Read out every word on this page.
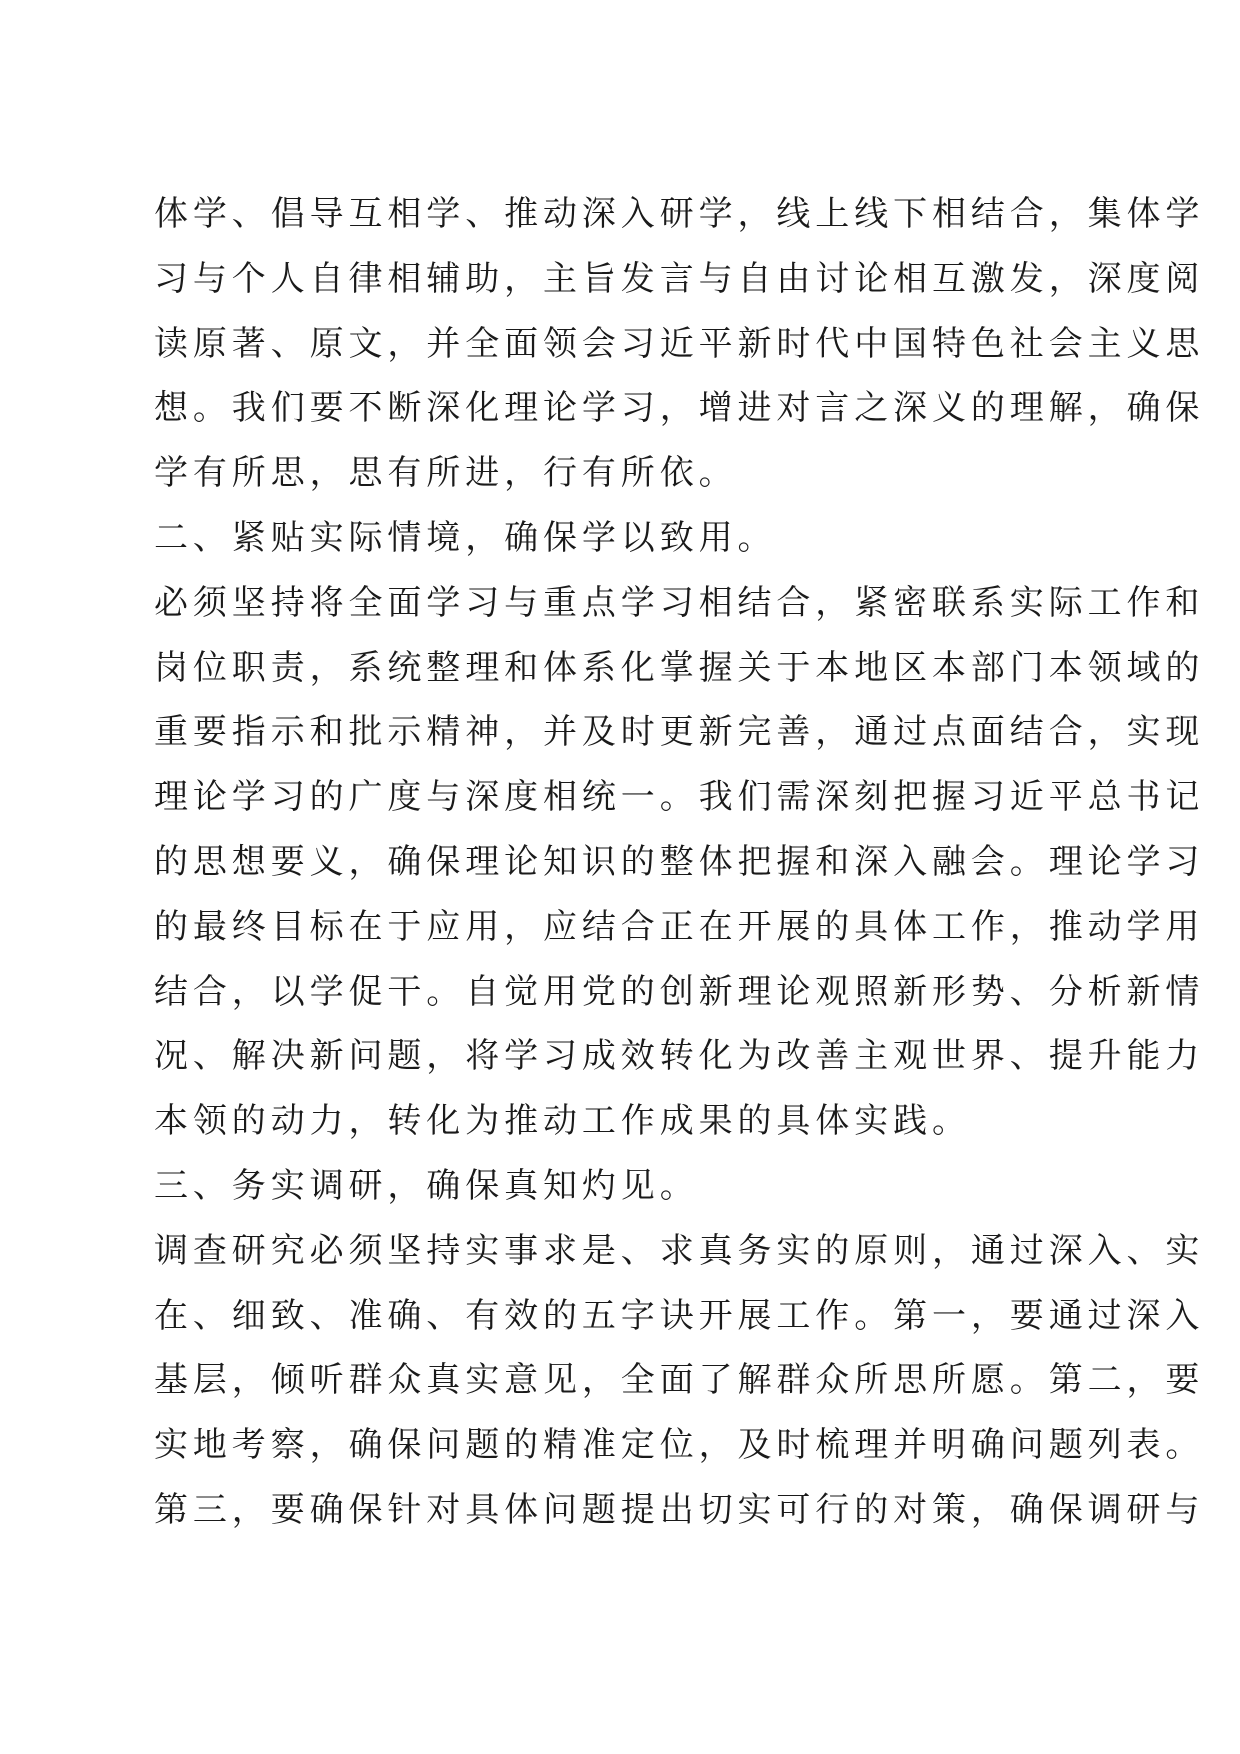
体学、倡导互相学、推动深入研学，线上线下相结合，集体学
习与个人自律相辅助，主旨发言与自由讨论相互激发，深度阅
读原著、原文，并全面领会习近平新时代中国特色社会主义思
想。我们要不断深化理论学习，增进对言之深义的理解，确保
学有所思，思有所进，行有所依。
二、紧贴实际情境，确保学以致用。
必须坚持将全面学习与重点学习相结合，紧密联系实际工作和
岗位职责，系统整理和体系化掌握关于本地区本部门本领域的
重要指示和批示精神，并及时更新完善，通过点面结合，实现
理论学习的广度与深度相统一。我们需深刻把握习近平总书记
的思想要义，确保理论知识的整体把握和深入融会。理论学习
的最终目标在于应用，应结合正在开展的具体工作，推动学用
结合，以学促干。自觉用党的创新理论观照新形势、分析新情
况、解决新问题，将学习成效转化为改善主观世界、提升能力
本领的动力，转化为推动工作成果的具体实践。
三、务实调研，确保真知灼见。
调查研究必须坚持实事求是、求真务实的原则，通过深入、实
在、细致、准确、有效的五字诀开展工作。第一，要通过深入
基层，倾听群众真实意见，全面了解群众所思所愿。第二，要
实地考察，确保问题的精准定位，及时梳理并明确问题列表。
第三，要确保针对具体问题提出切实可行的对策，确保调研与
